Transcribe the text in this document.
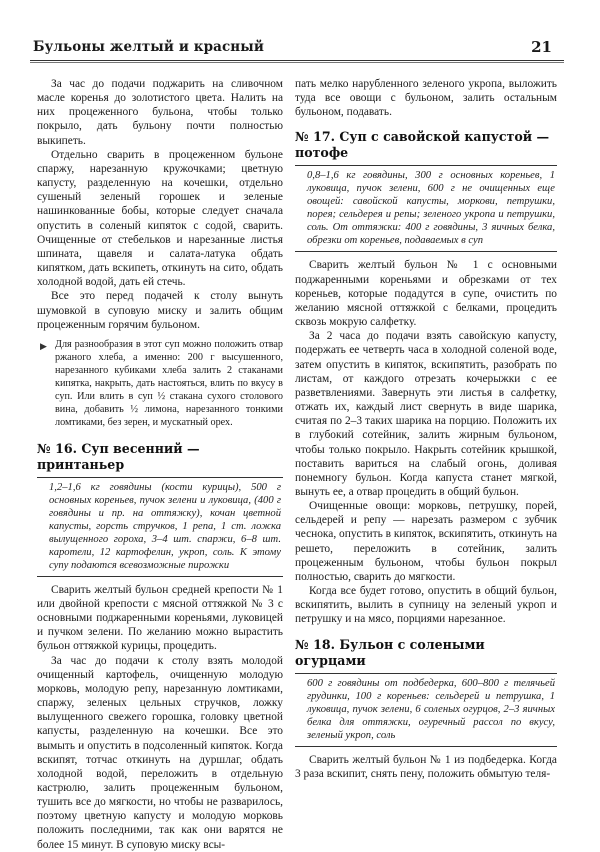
Бульоны желтый и красный	21

За час до подачи поджарить на сливочном масле коренья до золотистого цвета. Налить на них процеженного бульона, чтобы только покрыло, дать бульону почти полностью выкипеть.

Отдельно сварить в процеженном бульоне спаржу, нарезанную кружочками; цветную капусту, разделенную на кочешки, отдельно сушеный зеленый горошек и зеленые нашинкованные бобы, которые следует сначала опустить в соленый кипяток с содой, сварить. Очищенные от стебельков и нарезанные листья шпината, щавеля и салата-латука обдать кипятком, дать вскипеть, откинуть на сито, обдать холодной водой, дать ей стечь.

Все это перед подачей к столу вынуть шумовкой в суповую миску и залить общим процеженным горячим бульоном.

▶ Для разнообразия в этот суп можно положить отвар ржаного хлеба, а именно: 200 г высушенного, нарезанного кубиками хлеба залить 2 стаканами кипятка, накрыть, дать настояться, влить по вкусу в суп. Или влить в суп ½ стакана сухого столового вина, добавить ½ лимона, нарезанного тонкими ломтиками, без зерен, и мускатный орех.
№ 16. Суп весенний — принтаньер
1,2–1,6 кг говядины (кости курицы), 500 г основных кореньев, пучок зелени и луковица, (400 г говядины и пр. на оттяжку), кочан цветной капусты, горсть стручков, 1 репа, 1 ст. ложка вылущенного гороха, 3–4 шт. спаржи, 6–8 шт. каротели, 12 картофелин, укроп, соль. К этому супу подаются всевозможные пирожки

Сварить желтый бульон средней крепости № 1 или двойной крепости с мясной оттяжкой № 3 с основными поджаренными кореньями, луковицей и пучком зелени. По желанию можно вырастить бульон оттяжкой курицы, процедить.

За час до подачи к столу взять молодой очищенный картофель, очищенную молодую морковь, молодую репу, нарезанную ломтиками, спаржу, зеленых цельных стручков, ложку вылущенного свежего горошка, головку цветной капусты, разделенную на кочешки. Все это вымыть и опустить в подсоленный кипяток. Когда вскипят, тотчас откинуть на дуршлаг, обдать холодной водой, переложить в отдельную кастрюлю, залить процеженным бульоном, тушить все до мягкости, но чтобы не разварилось, поэтому цветную капусту и молодую морковь положить последними, так как они варятся не более 15 минут. В суповую миску всы-

пать мелко нарубленного зеленого укропа, выложить туда все овощи с бульоном, залить остальным бульоном, подавать.

№ 17. Суп с савойской капустой — потофе
0,8–1,6 кг говядины, 300 г основных кореньев, 1 луковица, пучок зелени, 600 г не очищенных еще овощей: савойской капусты, моркови, петрушки, порея; сельдерея и репы; зеленого укропа и петрушки, соль. От оттяжки: 400 г говядины, 3 яичных белка, обрезки от кореньев, подаваемых в суп

Сварить желтый бульон № 1 с основными поджаренными кореньями и обрезками от тех кореньев, которые подадутся в супе, очистить по желанию мясной оттяжкой с белками, процедить сквозь мокрую салфетку.

За 2 часа до подачи взять савойскую капусту, подержать ее четверть часа в холодной соленой воде, затем опустить в кипяток, вскипятить, разобрать по листам, от каждого отрезать кочерыжки с ее разветвлениями. Завернуть эти листья в салфетку, отжать их, каждый лист свернуть в виде шарика, считая по 2–3 таких шарика на порцию. Положить их в глубокий сотейник, залить жирным бульоном, чтобы только покрыло. Накрыть сотейник крышкой, поставить вариться на слабый огонь, доливая понемногу бульон. Когда капуста станет мягкой, вынуть ее, а отвар процедить в общий бульон.

Очищенные овощи: морковь, петрушку, порей, сельдерей и репу — нарезать размером с зубчик чеснока, опустить в кипяток, вскипятить, откинуть на решето, переложить в сотейник, залить процеженным бульоном, чтобы бульон покрыл полностью, сварить до мягкости.

Когда все будет готово, опустить в общий бульон, вскипятить, вылить в супницу на зеленый укроп и петрушку и на мясо, порциями нарезанное.

№ 18. Бульон с солеными огурцами
600 г говядины от подбедерка, 600–800 г телячьей грудинки, 100 г кореньев: сельдерей и петрушка, 1 луковица, пучок зелени, 6 соленых огурцов, 2–3 яичных белка для оттяжки, огуречный рассол по вкусу, зеленый укроп, соль

Сварить желтый бульон № 1 из подбедерка. Когда 3 раза вскипит, снять пену, положить обмытую теля-
